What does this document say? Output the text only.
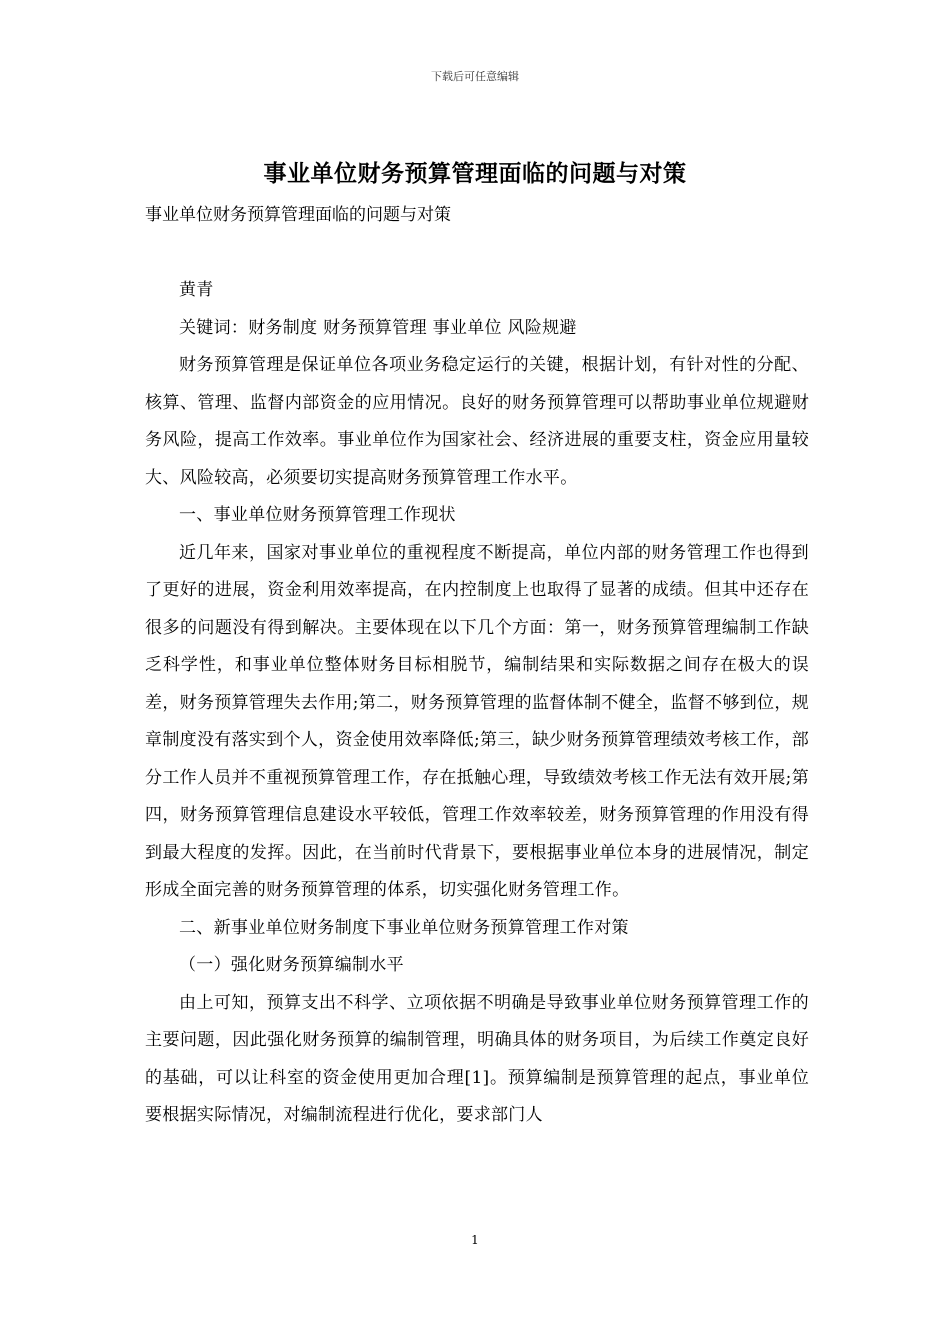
下载后可任意编辑
事业单位财务预算管理面临的问题与对策
事业单位财务预算管理面临的问题与对策

黄青

关键词：财务制度 财务预算管理 事业单位 风险规避

财务预算管理是保证单位各项业务稳定运行的关键，根据计划，有针对性的分配、核算、管理、监督内部资金的应用情况。良好的财务预算管理可以帮助事业单位规避财务风险，提高工作效率。事业单位作为国家社会、经济进展的重要支柱，资金应用量较大、风险较高，必须要切实提高财务预算管理工作水平。

一、事业单位财务预算管理工作现状

近几年来，国家对事业单位的重视程度不断提高，单位内部的财务管理工作也得到了更好的进展，资金利用效率提高，在内控制度上也取得了显著的成绩。但其中还存在很多的问题没有得到解决。主要体现在以下几个方面：第一，财务预算管理编制工作缺乏科学性，和事业单位整体财务目标相脱节，编制结果和实际数据之间存在极大的误差，财务预算管理失去作用;第二，财务预算管理的监督体制不健全，监督不够到位，规章制度没有落实到个人，资金使用效率降低;第三，缺少财务预算管理绩效考核工作，部分工作人员并不重视预算管理工作，存在抵触心理，导致绩效考核工作无法有效开展;第四，财务预算管理信息建设水平较低，管理工作效率较差，财务预算管理的作用没有得到最大程度的发挥。因此，在当前时代背景下，要根据事业单位本身的进展情况，制定形成全面完善的财务预算管理的体系，切实强化财务管理工作。

二、新事业单位财务制度下事业单位财务预算管理工作对策

（一）强化财务预算编制水平

由上可知，预算支出不科学、立项依据不明确是导致事业单位财务预算管理工作的主要问题，因此强化财务预算的编制管理，明确具体的财务项目，为后续工作奠定良好的基础，可以让科室的资金使用更加合理[1]。预算编制是预算管理的起点，事业单位要根据实际情况，对编制流程进行优化，要求部门人

1
